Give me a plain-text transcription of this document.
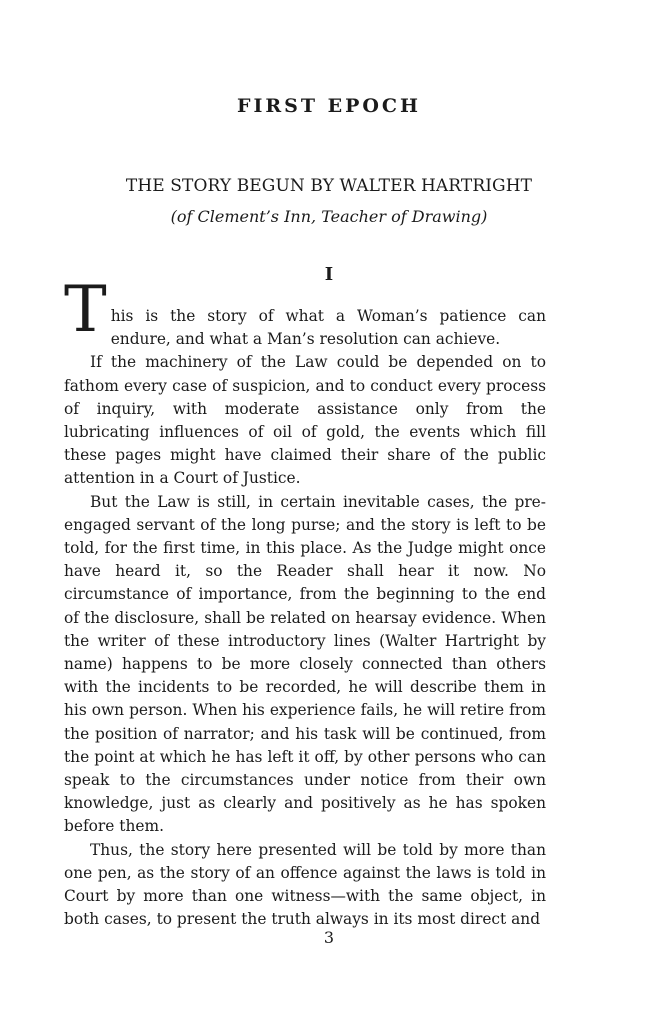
FIRST EPOCH
THE STORY BEGUN BY WALTER HARTRIGHT
(of Clement’s Inn, Teacher of Drawing)
I

T his is the story of what a Woman’s patience can endure, and what a Man’s resolution can achieve.

If the machinery of the Law could be depended on to fathom every case of suspicion, and to conduct every process of inquiry, with moderate assistance only from the lubricating influences of oil of gold, the events which fill these pages might have claimed their share of the public attention in a Court of Justice.

But the Law is still, in certain inevitable cases, the pre-engaged servant of the long purse; and the story is left to be told, for the first time, in this place. As the Judge might once have heard it, so the Reader shall hear it now. No circumstance of importance, from the beginning to the end of the disclosure, shall be related on hearsay evidence. When the writer of these introductory lines (Walter Hartright by name) happens to be more closely connected than others with the incidents to be recorded, he will describe them in his own person. When his experience fails, he will retire from the position of narrator; and his task will be continued, from the point at which he has left it off, by other persons who can speak to the circumstances under notice from their own knowledge, just as clearly and positively as he has spoken before them.

Thus, the story here presented will be told by more than one pen, as the story of an offence against the laws is told in Court by more than one witness—with the same object, in both cases, to present the truth always in its most direct and

3
